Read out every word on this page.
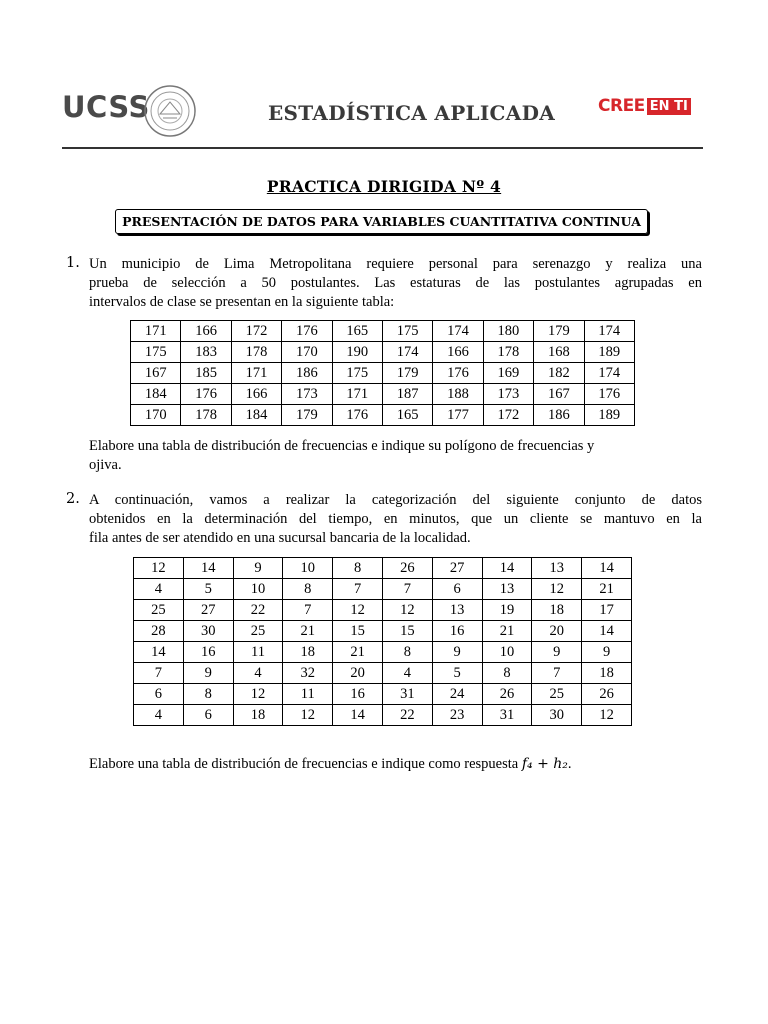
UCSS	ESTADÍSTICA APLICADA	CREE EN TI
PRACTICA DIRIGIDA Nº 4
PRESENTACIÓN DE DATOS PARA VARIABLES CUANTITATIVA CONTINUA
1. Un municipio de Lima Metropolitana requiere personal para serenazgo y realiza una
prueba de selección a 50 postulantes. Las estaturas de las postulantes agrupadas en
intervalos de clase se presentan en la siguiente tabla:
171	166	172	176	165	175	174	180	179	174
175	183	178	170	190	174	166	178	168	189
167	185	171	186	175	179	176	169	182	174
184	176	166	173	171	187	188	173	167	176
170	178	184	179	176	165	177	172	186	189
Elabore una tabla de distribución de frecuencias e indique su polígono de frecuencias y
ojiva.
2. A continuación, vamos a realizar la categorización del siguiente conjunto de datos
obtenidos en la determinación del tiempo, en minutos, que un cliente se mantuvo en la
fila antes de ser atendido en una sucursal bancaria de la localidad.
12	14	9	10	8	26	27	14	13	14
4	5	10	8	7	7	6	13	12	21
25	27	22	7	12	12	13	19	18	17
28	30	25	21	15	15	16	21	20	14
14	16	11	18	21	8	9	10	9	9
7	9	4	32	20	4	5	8	7	18
6	8	12	11	16	31	24	26	25	26
4	6	18	12	14	22	23	31	30	12
Elabore una tabla de distribución de frecuencias e indique como respuesta f₄ + h₂.
